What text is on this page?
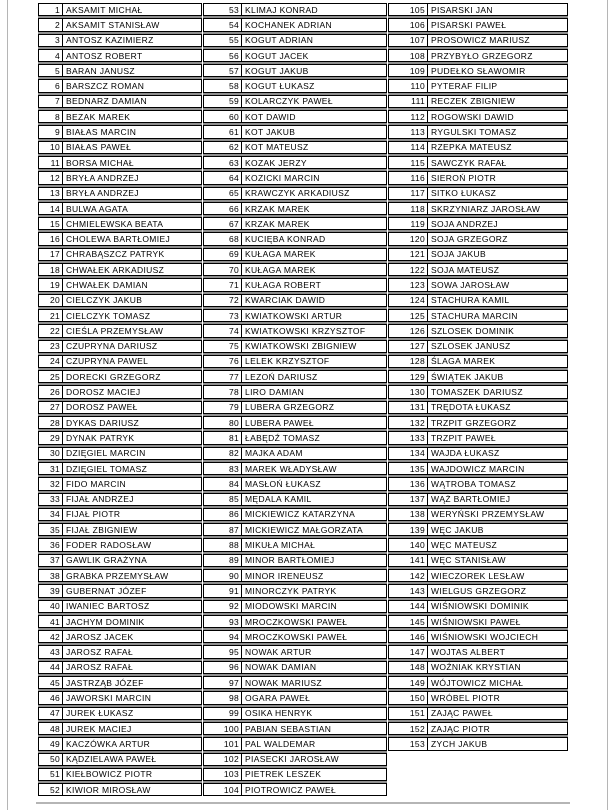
1 AKSAMIT MICHAŁ
2 AKSAMIT STANISŁAW
3 ANTOSZ KAZIMIERZ
4 ANTOSZ ROBERT
5 BARAN JANUSZ
6 BARSZCZ ROMAN
7 BEDNARZ DAMIAN
8 BEZAK MAREK
9 BIAŁAS MARCIN
10 BIAŁAS PAWEŁ
11 BORSA MICHAŁ
12 BRYŁA ANDRZEJ
13 BRYŁA ANDRZEJ
14 BULWA AGATA
15 CHMIELEWSKA BEATA
16 CHOLEWA BARTŁOMIEJ
17 CHRABĄSZCZ PATRYK
18 CHWAŁEK ARKADIUSZ
19 CHWAŁEK DAMIAN
20 CIELCZYK JAKUB
21 CIELCZYK TOMASZ
22 CIEŚLA PRZEMYSŁAW
23 CZUPRYNA DARIUSZ
24 CZUPRYNA PAWEL
25 DORECKI GRZEGORZ
26 DOROSZ MACIEJ
27 DOROSZ PAWEŁ
28 DYKAS DARIUSZ
29 DYNAK PATRYK
30 DZIĘGIEL MARCIN
31 DZIĘGIEL TOMASZ
32 FIDO MARCIN
33 FIJAŁ ANDRZEJ
34 FIJAŁ PIOTR
35 FIJAŁ ZBIGNIEW
36 FODER RADOSŁAW
37 GAWLIK GRAŻYNA
38 GRABKA PRZEMYSŁAW
39 GUBERNAT JÓZEF
40 IWANIEC BARTOSZ
41 JACHYM DOMINIK
42 JAROSZ JACEK
43 JAROSZ RAFAŁ
44 JAROSZ RAFAŁ
45 JASTRZĄB JÓZEF
46 JAWORSKI MARCIN
47 JUREK ŁUKASZ
48 JUREK MACIEJ
49 KACZÓWKA ARTUR
50 KĄDZIELAWA PAWEŁ
51 KIEŁBOWICZ PIOTR
52 KIWIOR MIROSŁAW
53 KLIMAJ KONRAD
54 KOCHANEK ADRIAN
55 KOGUT ADRIAN
56 KOGUT JACEK
57 KOGUT JAKUB
58 KOGUT ŁUKASZ
59 KOLARCZYK PAWEŁ
60 KOT DAWID
61 KOT JAKUB
62 KOT MATEUSZ
63 KOZAK JERZY
64 KOZICKI MARCIN
65 KRAWCZYK ARKADIUSZ
66 KRZAK MAREK
67 KRZAK MAREK
68 KUCIĘBA KONRAD
69 KUŁAGA MAREK
70 KUŁAGA MAREK
71 KUŁAGA ROBERT
72 KWARCIAK DAWID
73 KWIATKOWSKI ARTUR
74 KWIATKOWSKI KRZYSZTOF
75 KWIATKOWSKI ZBIGNIEW
76 LELEK KRZYSZTOF
77 LEZOŃ DARIUSZ
78 LIRO DAMIAN
79 LUBERA GRZEGORZ
80 LUBERA PAWEŁ
81 ŁABĘDŹ TOMASZ
82 MAJKA ADAM
83 MAREK WŁADYSŁAW
84 MASŁOŃ ŁUKASZ
85 MĘDALA KAMIL
86 MICKIEWICZ KATARZYNA
87 MICKIEWICZ MAŁGORZATA
88 MIKUŁA MICHAŁ
89 MINOR BARTŁOMIEJ
90 MINOR IRENEUSZ
91 MINORCZYK PATRYK
92 MIODOWSKI MARCIN
93 MROCZKOWSKI PAWEŁ
94 MROCZKOWSKI PAWEŁ
95 NOWAK ARTUR
96 NOWAK DAMIAN
97 NOWAK MARIUSZ
98 OGARA PAWEŁ
99 OSIKA HENRYK
100 PABIAN SEBASTIAN
101 PAL WALDEMAR
102 PIASECKI JAROSŁAW
103 PIETREK LESZEK
104 PIOTROWICZ PAWEŁ
105 PISARSKI JAN
106 PISARSKI PAWEŁ
107 PROSOWICZ MARIUSZ
108 PRZYBYŁO GRZEGORZ
109 PUDEŁKO SŁAWOMIR
110 PYTERAF FILIP
111 RECZEK ZBIGNIEW
112 ROGOWSKI DAWID
113 RYGULSKI TOMASZ
114 RZEPKA MATEUSZ
115 SAWCZYK RAFAŁ
116 SIEROŃ PIOTR
117 SITKO ŁUKASZ
118 SKRZYNIARZ JAROSŁAW
119 SOJA ANDRZEJ
120 SOJA GRZEGORZ
121 SOJA JAKUB
122 SOJA MATEUSZ
123 SOWA JAROSŁAW
124 STACHURA KAMIL
125 STACHURA MARCIN
126 SZLOSEK DOMINIK
127 SZLOSEK JANUSZ
128 ŚLAGA MAREK
129 ŚWIĄTEK JAKUB
130 TOMASZEK DARIUSZ
131 TRĘDOTA ŁUKASZ
132 TRZPIT GRZEGORZ
133 TRZPIT PAWEŁ
134 WAJDA ŁUKASZ
135 WAJDOWICZ MARCIN
136 WĄTROBA TOMASZ
137 WĄŻ BARTŁOMIEJ
138 WERYŃSKI PRZEMYSŁAW
139 WĘC JAKUB
140 WĘC MATEUSZ
141 WĘC STANISŁAW
142 WIECZOREK LESŁAW
143 WIELGUS GRZEGORZ
144 WIŚNIOWSKI DOMINIK
145 WIŚNIOWSKI PAWEŁ
146 WIŚNIOWSKI WOJCIECH
147 WOJTAS ALBERT
148 WOŹNIAK KRYSTIAN
149 WÓJTOWICZ MICHAŁ
150 WRÓBEL PIOTR
151 ZAJĄC PAWEŁ
152 ZAJĄC PIOTR
153 ZYCH JAKUB
